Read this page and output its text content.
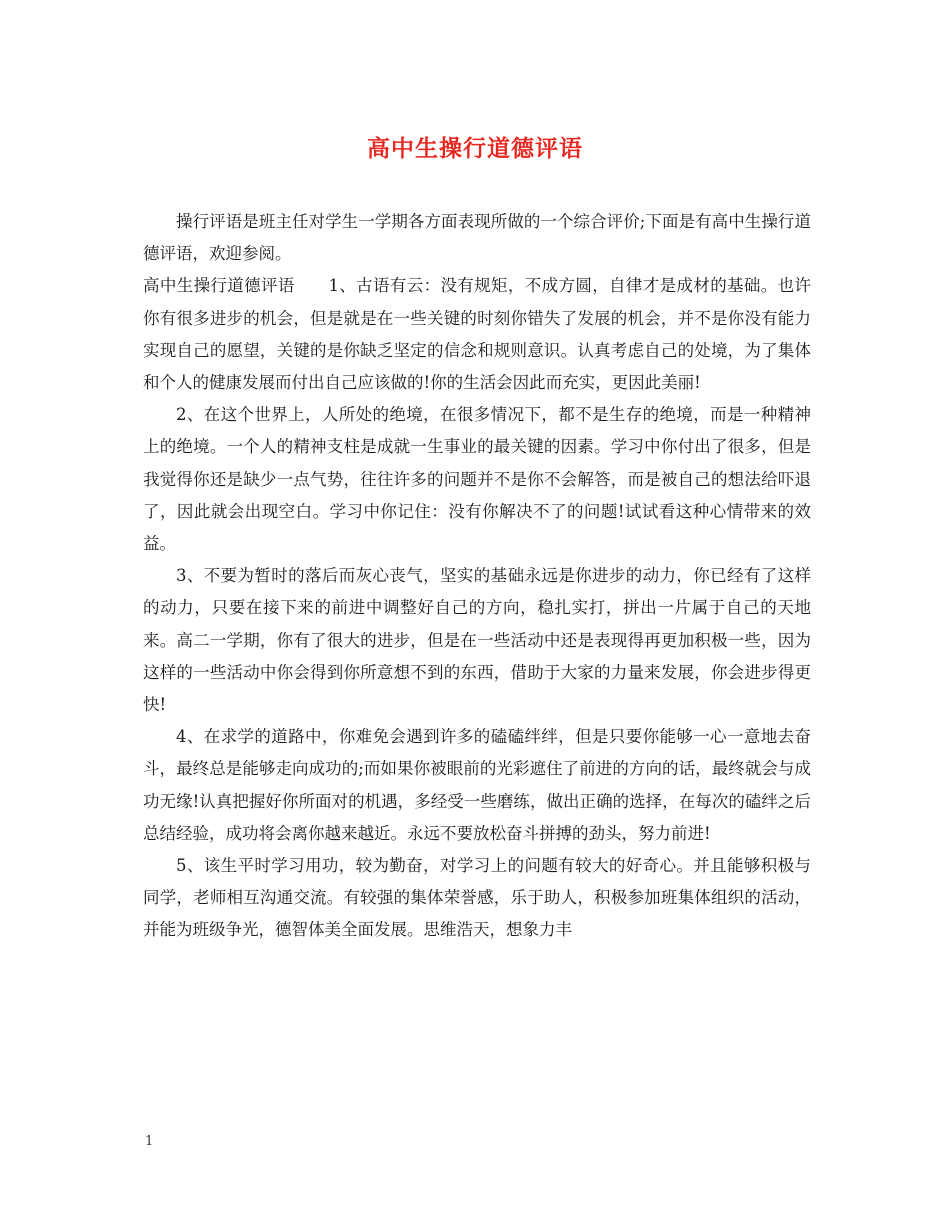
高中生操行道德评语

操行评语是班主任对学生一学期各方面表现所做的一个综合评价;下面是有高中生操行道德评语，欢迎参阅。

高中生操行道德评语　　1、古语有云：没有规矩，不成方圆，自律才是成材的基础。也许你有很多进步的机会，但是就是在一些关键的时刻你错失了发展的机会，并不是你没有能力实现自己的愿望，关键的是你缺乏坚定的信念和规则意识。认真考虑自己的处境，为了集体和个人的健康发展而付出自己应该做的!你的生活会因此而充实，更因此美丽!

2、在这个世界上，人所处的绝境，在很多情况下，都不是生存的绝境，而是一种精神上的绝境。一个人的精神支柱是成就一生事业的最关键的因素。学习中你付出了很多，但是我觉得你还是缺少一点气势，往往许多的问题并不是你不会解答，而是被自己的想法给吓退了，因此就会出现空白。学习中你记住：没有你解决不了的问题!试试看这种心情带来的效益。

3、不要为暂时的落后而灰心丧气，坚实的基础永远是你进步的动力，你已经有了这样的动力，只要在接下来的前进中调整好自己的方向，稳扎实打，拼出一片属于自己的天地来。高二一学期，你有了很大的进步，但是在一些活动中还是表现得再更加积极一些，因为这样的一些活动中你会得到你所意想不到的东西，借助于大家的力量来发展，你会进步得更快!

4、在求学的道路中，你难免会遇到许多的磕磕绊绊，但是只要你能够一心一意地去奋斗，最终总是能够走向成功的;而如果你被眼前的光彩遮住了前进的方向的话，最终就会与成功无缘!认真把握好你所面对的机遇，多经受一些磨练，做出正确的选择，在每次的磕绊之后总结经验，成功将会离你越来越近。永远不要放松奋斗拼搏的劲头，努力前进!

5、该生平时学习用功，较为勤奋，对学习上的问题有较大的好奇心。并且能够积极与同学，老师相互沟通交流。有较强的集体荣誉感，乐于助人，积极参加班集体组织的活动，并能为班级争光，德智体美全面发展。思维浩天，想象力丰

1
